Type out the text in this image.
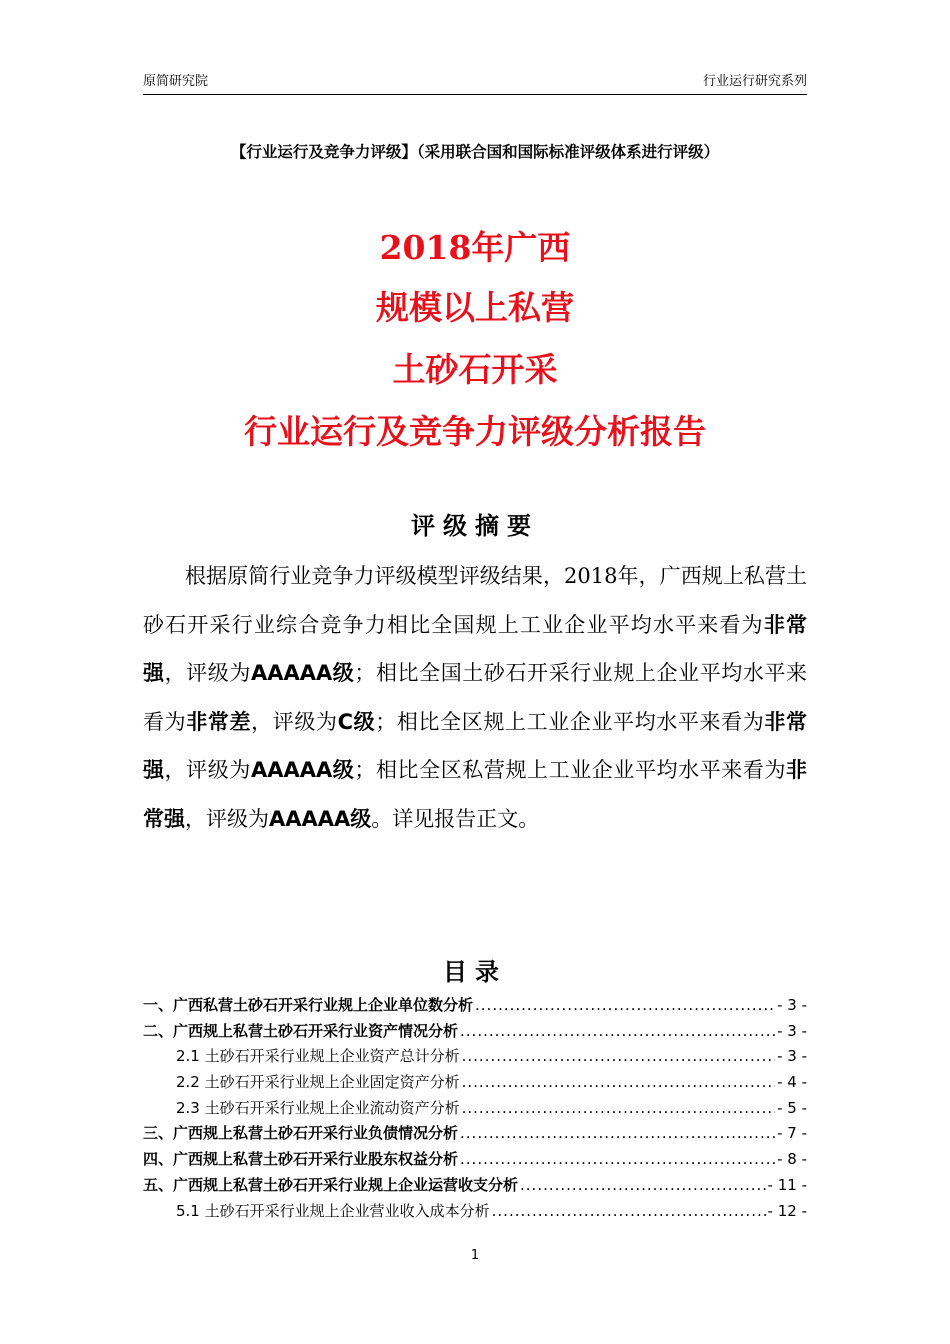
原简研究院	行业运行研究系列
【行业运行及竞争力评级】（采用联合国和国际标准评级体系进行评级）
2018年广西
规模以上私营
土砂石开采
行业运行及竞争力评级分析报告
评级摘要

根据原简行业竞争力评级模型评级结果，2018年，广西规上私营土砂石开采行业综合竞争力相比全国规上工业企业平均水平来看为非常强，评级为AAAAA级；相比全国土砂石开采行业规上企业平均水平来看为非常差，评级为C级；相比全区规上工业企业平均水平来看为非常强，评级为AAAAA级；相比全区私营规上工业企业平均水平来看为非常强，评级为AAAAA级。详见报告正文。

目录
一、广西私营土砂石开采行业规上企业单位数分析 .....	- 3 -
二、广西规上私营土砂石开采行业资产情况分析 .....	- 3 -
2.1 土砂石开采行业规上企业资产总计分析 .....	- 3 -
2.2 土砂石开采行业规上企业固定资产分析 .....	- 4 -
2.3 土砂石开采行业规上企业流动资产分析 .....	- 5 -
三、广西规上私营土砂石开采行业负债情况分析 .....	- 7 -
四、广西规上私营土砂石开采行业股东权益分析 .....	- 8 -
五、广西规上私营土砂石开采行业规上企业运营收支分析 .....	- 11 -
5.1 土砂石开采行业规上企业营业收入成本分析 .....	- 12 -
1
